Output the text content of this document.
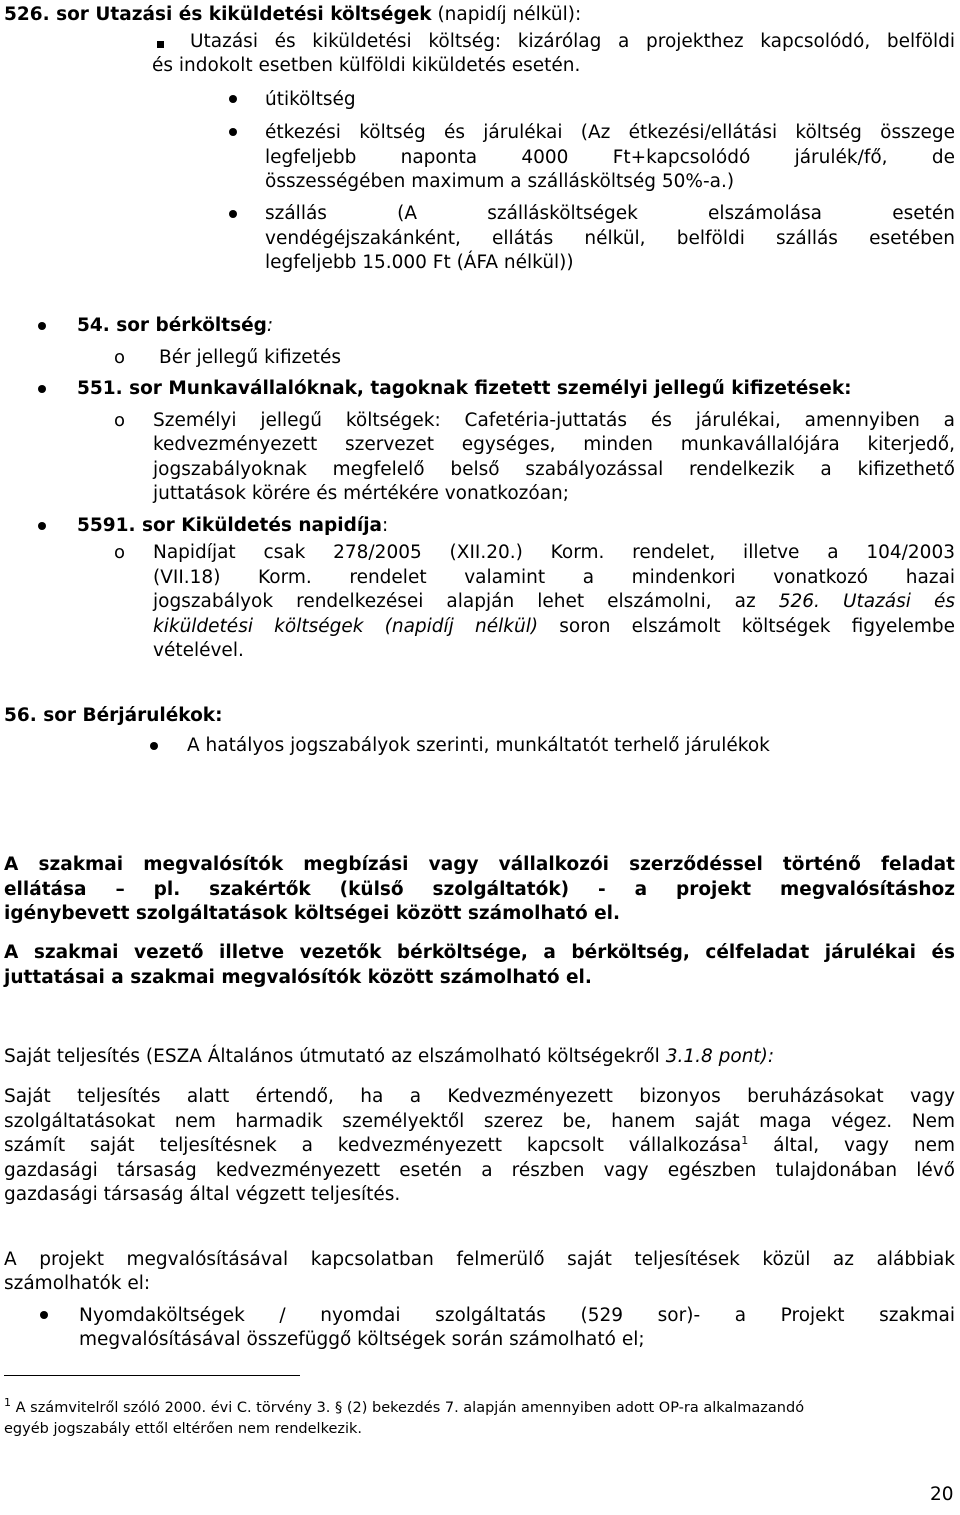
526. sor Utazási és kiküldetési költségek (napidíj nélkül):
Utazási és kiküldetési költség: kizárólag a projekthez kapcsolódó, belföldi
és indokolt esetben külföldi kiküldetés esetén.
útiköltség
étkezési költség és járulékai (Az étkezési/ellátási költség összege
legfeljebb naponta 4000 Ft+kapcsolódó járulék/fő, de
összességében maximum a szállásköltség 50%-a.)
szállás (A szállásköltségek elszámolása esetén
vendégéjszakánként, ellátás nélkül, belföldi szállás esetében
legfeljebb 15.000 Ft (ÁFA nélkül))
54. sor bérköltség:
o Bér jellegű kifizetés
551. sor Munkavállalóknak, tagoknak fizetett személyi jellegű kifizetések:
o Személyi jellegű költségek: Cafetéria-juttatás és járulékai, amennyiben a
kedvezményezett szervezet egységes, minden munkavállalójára kiterjedő,
jogszabályoknak megfelelő belső szabályozással rendelkezik a kifizethető
juttatások körére és mértékére vonatkozóan;
5591. sor Kiküldetés napidíja:
o Napidíjat csak 278/2005 (XII.20.) Korm. rendelet, illetve a 104/2003
(VII.18) Korm. rendelet valamint a mindenkori vonatkozó hazai
jogszabályok rendelkezései alapján lehet elszámolni, az 526. Utazási és
kiküldetési költségek (napidíj nélkül) soron elszámolt költségek figyelembe
vételével.
56. sor Bérjárulékok:
A hatályos jogszabályok szerinti, munkáltatót terhelő járulékok
A szakmai megvalósítók megbízási vagy vállalkozói szerződéssel történő feladat
ellátása – pl. szakértők (külső szolgáltatók) - a projekt megvalósításhoz
igénybevett szolgáltatások költségei között számolható el.
A szakmai vezető illetve vezetők bérköltsége, a bérköltség, célfeladat járulékai és
juttatásai a szakmai megvalósítók között számolható el.
Saját teljesítés (ESZA Általános útmutató az elszámolható költségekről 3.1.8 pont):
Saját teljesítés alatt értendő, ha a Kedvezményezett bizonyos beruházásokat vagy
szolgáltatásokat nem harmadik személyektől szerez be, hanem saját maga végez. Nem
számít saját teljesítésnek a kedvezményezett kapcsolt vállalkozása$^1$ által, vagy nem
gazdasági társaság kedvezményezett esetén a részben vagy egészben tulajdonában lévő
gazdasági társaság által végzett teljesítés.
A projekt megvalósításával kapcsolatban felmerülő saját teljesítések közül az alábbiak
számolhatók el:
Nyomdaköltségek / nyomdai szolgáltatás (529 sor)- a Projekt szakmai
megvalósításával összefüggő költségek során számolható el;
$^1$ A számvitelről szóló 2000. évi C. törvény 3. § (2) bekezdés 7. alapján amennyiben adott OP-ra alkalmazandó
egyéb jogszabály ettől eltérően nem rendelkezik.
20
